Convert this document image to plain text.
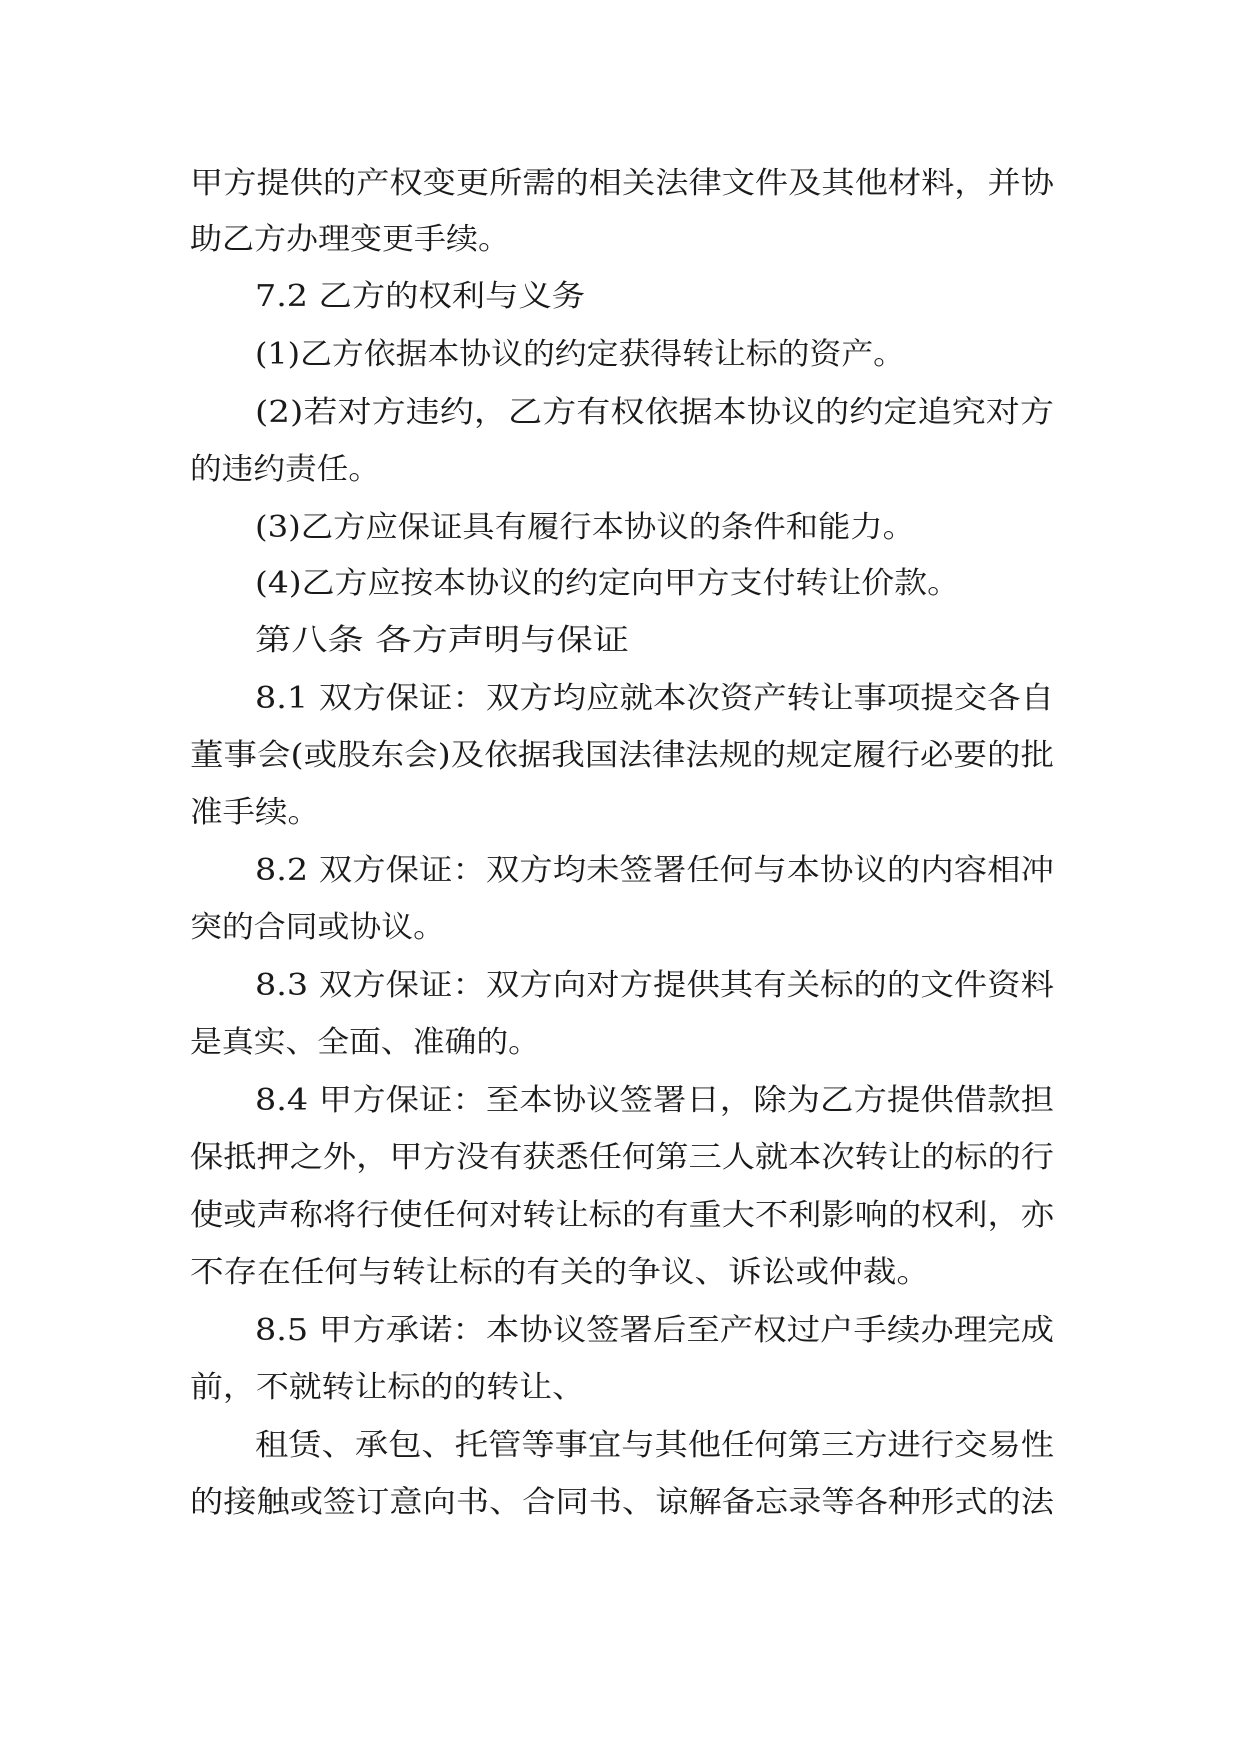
甲方提供的产权变更所需的相关法律文件及其他材料，并协
助乙方办理变更手续。
7.2 乙方的权利与义务
(1)乙方依据本协议的约定获得转让标的资产。
(2)若对方违约，乙方有权依据本协议的约定追究对方
的违约责任。
(3)乙方应保证具有履行本协议的条件和能力。
(4)乙方应按本协议的约定向甲方支付转让价款。
第八条 各方声明与保证
8.1 双方保证：双方均应就本次资产转让事项提交各自
董事会(或股东会)及依据我国法律法规的规定履行必要的批
准手续。
8.2 双方保证：双方均未签署任何与本协议的内容相冲
突的合同或协议。
8.3 双方保证：双方向对方提供其有关标的的文件资料
是真实、全面、准确的。
8.4 甲方保证：至本协议签署日，除为乙方提供借款担
保抵押之外，甲方没有获悉任何第三人就本次转让的标的行
使或声称将行使任何对转让标的有重大不利影响的权利，亦
不存在任何与转让标的有关的争议、诉讼或仲裁。
8.5 甲方承诺：本协议签署后至产权过户手续办理完成
前，不就转让标的的转让、
租赁、承包、托管等事宜与其他任何第三方进行交易性
的接触或签订意向书、合同书、谅解备忘录等各种形式的法
